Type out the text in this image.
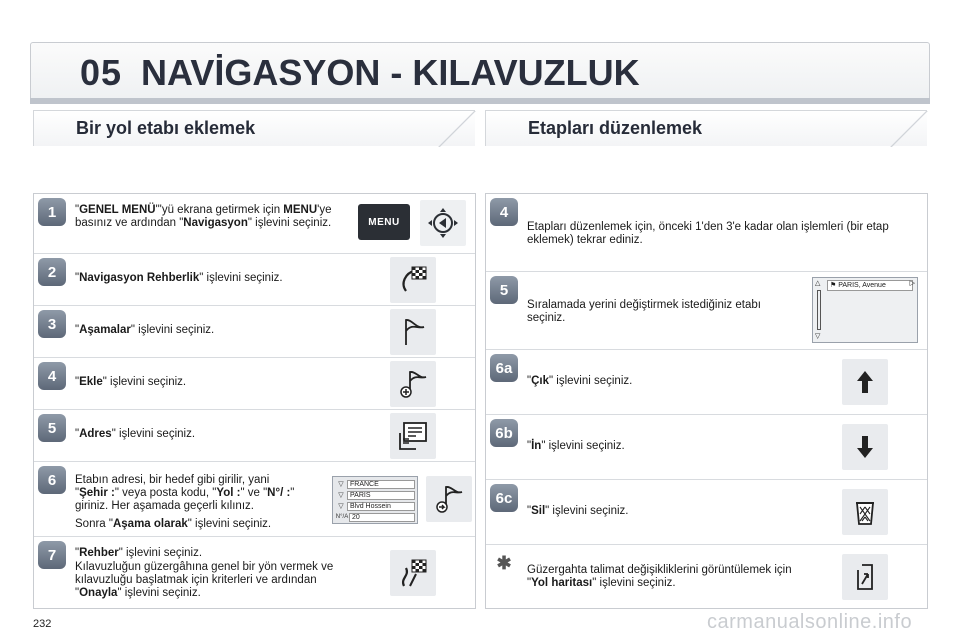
05 NAVİGASYON - KILAVUZLUK
Bir yol etabı eklemek	Etapları düzenlemek
1	"GENEL MENÜ"'yü ekrana getirmek için MENU'ye basınız ve ardından "Navigasyon" işlevini seçiniz.	MENU
2	"Navigasyon Rehberlik" işlevini seçiniz.
3	"Aşamalar" işlevini seçiniz.
4	"Ekle" işlevini seçiniz.
5	"Adres" işlevini seçiniz.
6	Etabın adresi, bir hedef gibi girilir, yani "Şehir :" veya posta kodu, "Yol :" ve "N°/ :" giriniz. Her aşamada geçerli kılınız.
Sonra "Aşama olarak" işlevini seçiniz.
▽ FRANCE
▽ PARIS
▽ Blvd Hossein
N°/A 20
7	"Rehber" işlevini seçiniz.
Kılavuzluğun güzergâhına genel bir yön vermek ve kılavuzluğu başlatmak için kriterleri ve ardından "Onayla" işlevini seçiniz.
4
Etapları düzenlemek için, önceki 1'den 3'e kadar olan işlemleri (bir etap eklemek) tekrar ediniz.
5
Sıralamada yerini değiştirmek istediğiniz etabı seçiniz.
△
▽
⚑ PARIS, Avenue	▷
6a
"Çık" işlevini seçiniz.
6b
"İn" işlevini seçiniz.
6c
"Sil" işlevini seçiniz.
✱	Güzergahta talimat değişikliklerini görüntülemek için "Yol haritası" işlevini seçiniz.
232	carmanualsonline.info
